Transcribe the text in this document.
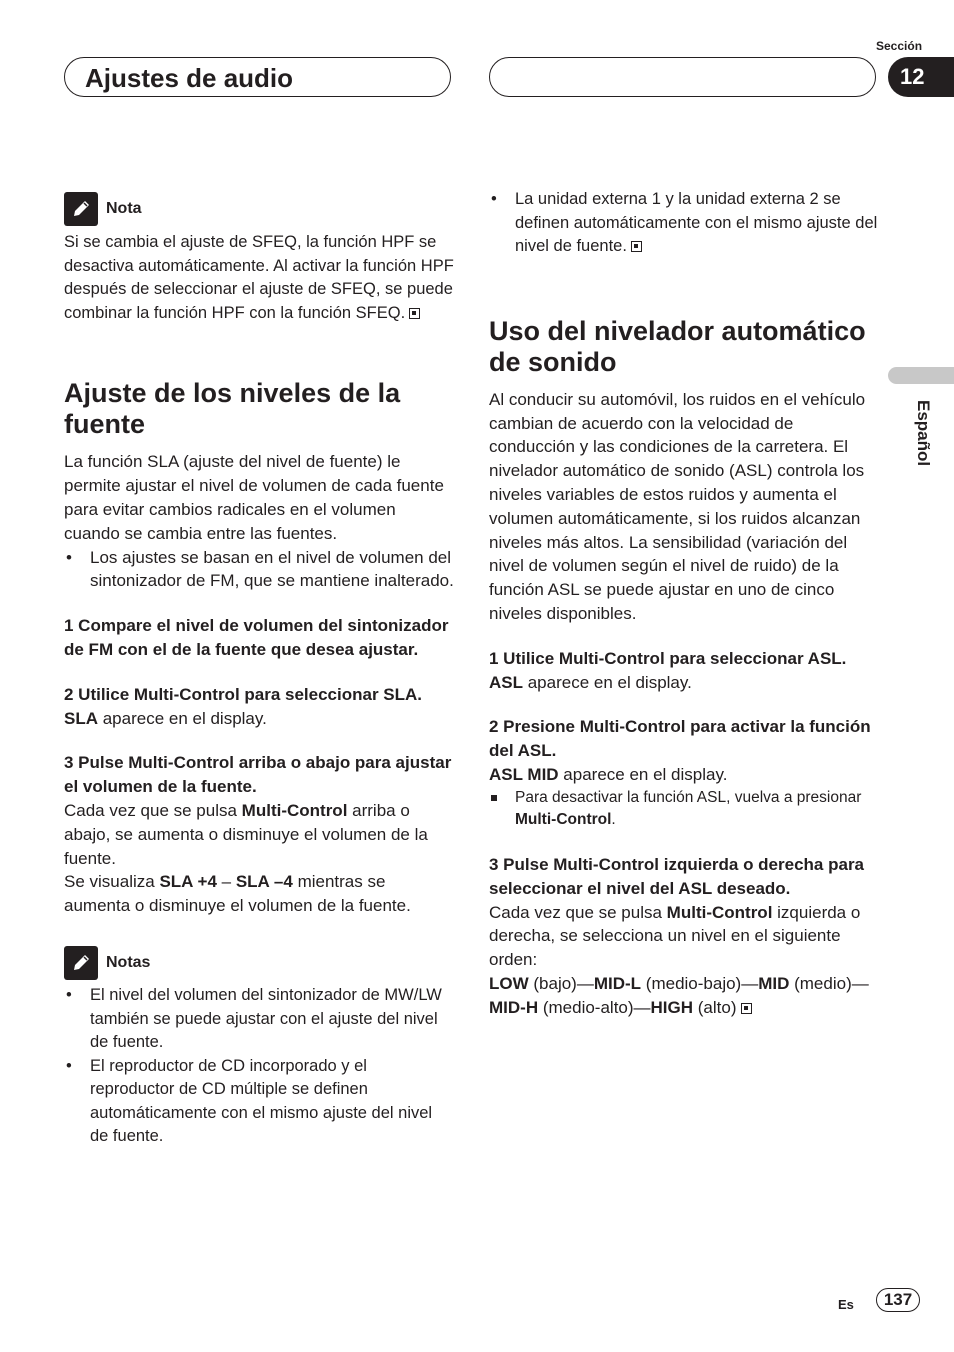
Ajustes de audio
Sección
12
Español
Nota

Si se cambia el ajuste de SFEQ, la función HPF se desactiva automáticamente. Al activar la función HPF después de seleccionar el ajuste de SFEQ, se puede combinar la función HPF con la función SFEQ.

Ajuste de los niveles de la fuente

La función SLA (ajuste del nivel de fuente) le permite ajustar el nivel de volumen de cada fuente para evitar cambios radicales en el volumen cuando se cambia entre las fuentes.

• Los ajustes se basan en el nivel de volumen del sintonizador de FM, que se mantiene inalterado.

1 Compare el nivel de volumen del sintonizador de FM con el de la fuente que desea ajustar.

2 Utilice Multi-Control para seleccionar SLA.

SLA aparece en el display.

3 Pulse Multi-Control arriba o abajo para ajustar el volumen de la fuente.

Cada vez que se pulsa Multi-Control arriba o abajo, se aumenta o disminuye el volumen de la fuente.

Se visualiza SLA +4 – SLA –4 mientras se aumenta o disminuye el volumen de la fuente.

Notas
• El nivel del volumen del sintonizador de MW/LW también se puede ajustar con el ajuste del nivel de fuente.
• El reproductor de CD incorporado y el reproductor de CD múltiple se definen automáticamente con el mismo ajuste del nivel de fuente.
• La unidad externa 1 y la unidad externa 2 se definen automáticamente con el mismo ajuste del nivel de fuente.
Uso del nivelador automático de sonido

Al conducir su automóvil, los ruidos en el vehículo cambian de acuerdo con la velocidad de conducción y las condiciones de la carretera. El nivelador automático de sonido (ASL) controla los niveles variables de estos ruidos y aumenta el volumen automáticamente, si los ruidos alcanzan niveles más altos. La sensibilidad (variación del nivel de volumen según el nivel de ruido) de la función ASL se puede ajustar en uno de cinco niveles disponibles.

1 Utilice Multi-Control para seleccionar ASL.

ASL aparece en el display.

2 Presione Multi-Control para activar la función del ASL.

ASL MID aparece en el display.

Para desactivar la función ASL, vuelva a presionar Multi-Control.

3 Pulse Multi-Control izquierda o derecha para seleccionar el nivel del ASL deseado.

Cada vez que se pulsa Multi-Control izquierda o derecha, se selecciona un nivel en el siguiente orden:

LOW (bajo)—MID-L (medio-bajo)—MID (medio)—MID-H (medio-alto)—HIGH (alto)

Es	137
